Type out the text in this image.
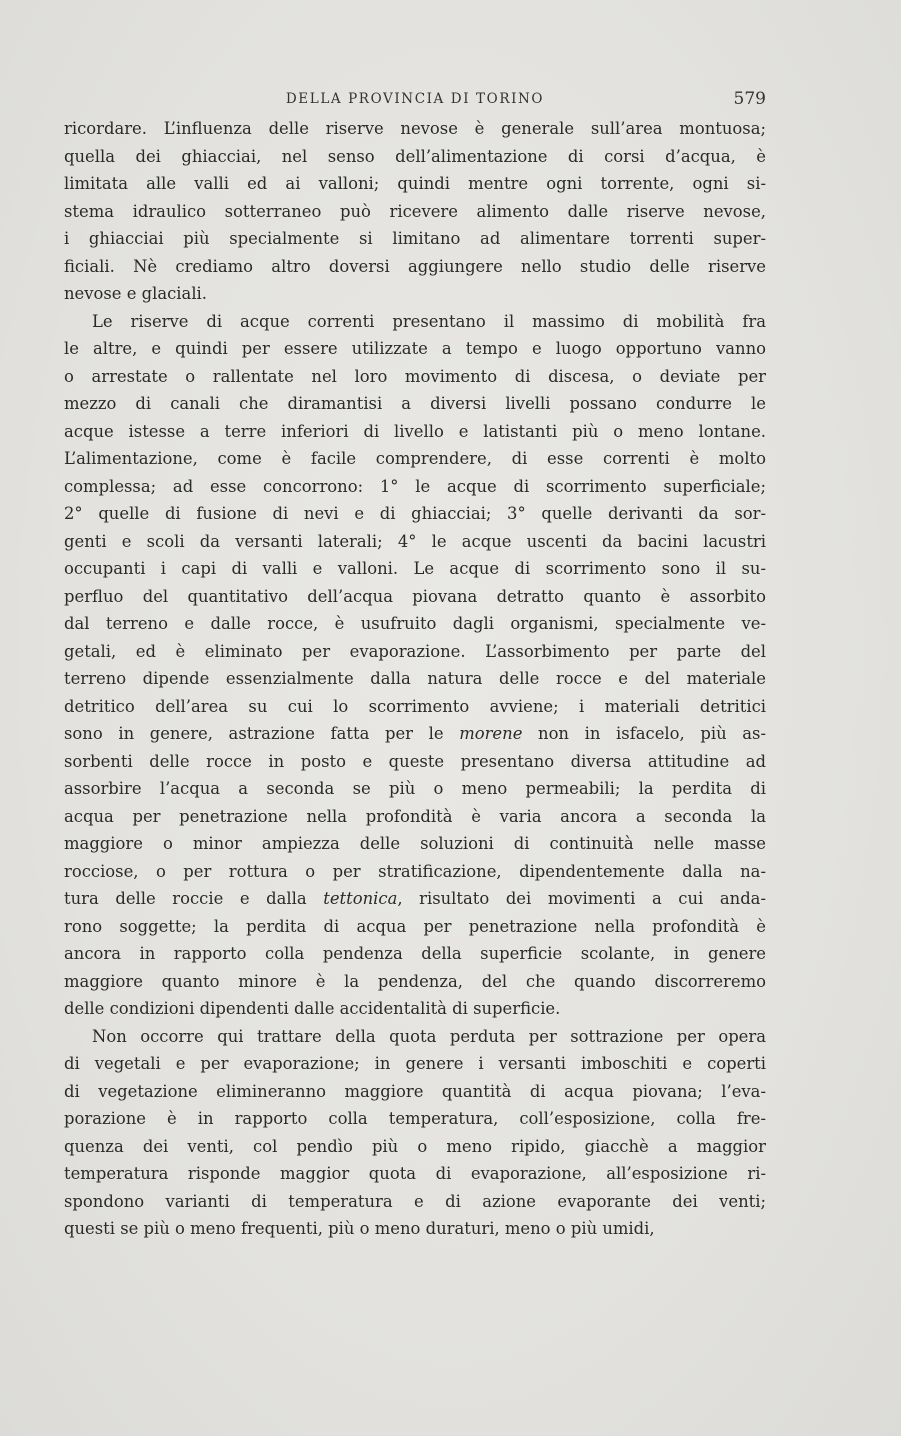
DELLA PROVINCIA DI TORINO	579
ricordare. L’influenza delle riserve nevose è generale sull’area montuosa;
quella dei ghiacciai, nel senso dell’alimentazione di corsi d’acqua, è
limitata alle valli ed ai valloni; quindi mentre ogni torrente, ogni si-
stema idraulico sotterraneo può ricevere alimento dalle riserve nevose,
i ghiacciai più specialmente si limitano ad alimentare torrenti super-
ficiali. Nè crediamo altro doversi aggiungere nello studio delle riserve
nevose e glaciali.
Le riserve di acque correnti presentano il massimo di mobilità fra
le altre, e quindi per essere utilizzate a tempo e luogo opportuno vanno
o arrestate o rallentate nel loro movimento di discesa, o deviate per
mezzo di canali che diramantisi a diversi livelli possano condurre le
acque istesse a terre inferiori di livello e latistanti più o meno lontane.
L’alimentazione, come è facile comprendere, di esse correnti è molto
complessa; ad esse concorrono: 1° le acque di scorrimento superficiale;
2° quelle di fusione di nevi e di ghiacciai; 3° quelle derivanti da sor-
genti e scoli da versanti laterali; 4° le acque uscenti da bacini lacustri
occupanti i capi di valli e valloni. Le acque di scorrimento sono il su-
perfluo del quantitativo dell’acqua piovana detratto quanto è assorbito
dal terreno e dalle rocce, è usufruito dagli organismi, specialmente ve-
getali, ed è eliminato per evaporazione. L’assorbimento per parte del
terreno dipende essenzialmente dalla natura delle rocce e del materiale
detritico dell’area su cui lo scorrimento avviene; i materiali detritici
sono in genere, astrazione fatta per le morene non in isfacelo, più as-
sorbenti delle rocce in posto e queste presentano diversa attitudine ad
assorbire l’acqua a seconda se più o meno permeabili; la perdita di
acqua per penetrazione nella profondità è varia ancora a seconda la
maggiore o minor ampiezza delle soluzioni di continuità nelle masse
rocciose, o per rottura o per stratificazione, dipendentemente dalla na-
tura delle roccie e dalla tettonica, risultato dei movimenti a cui anda-
rono soggette; la perdita di acqua per penetrazione nella profondità è
ancora in rapporto colla pendenza della superficie scolante, in genere
maggiore quanto minore è la pendenza, del che quando discorreremo
delle condizioni dipendenti dalle accidentalità di superficie.
Non occorre qui trattare della quota perduta per sottrazione per opera
di vegetali e per evaporazione; in genere i versanti imboschiti e coperti
di vegetazione elimineranno maggiore quantità di acqua piovana; l’eva-
porazione è in rapporto colla temperatura, coll’esposizione, colla fre-
quenza dei venti, col pendìo più o meno ripido, giacchè a maggior
temperatura risponde maggior quota di evaporazione, all’esposizione ri-
spondono varianti di temperatura e di azione evaporante dei venti;
questi se più o meno frequenti, più o meno duraturi, meno o più umidi,
